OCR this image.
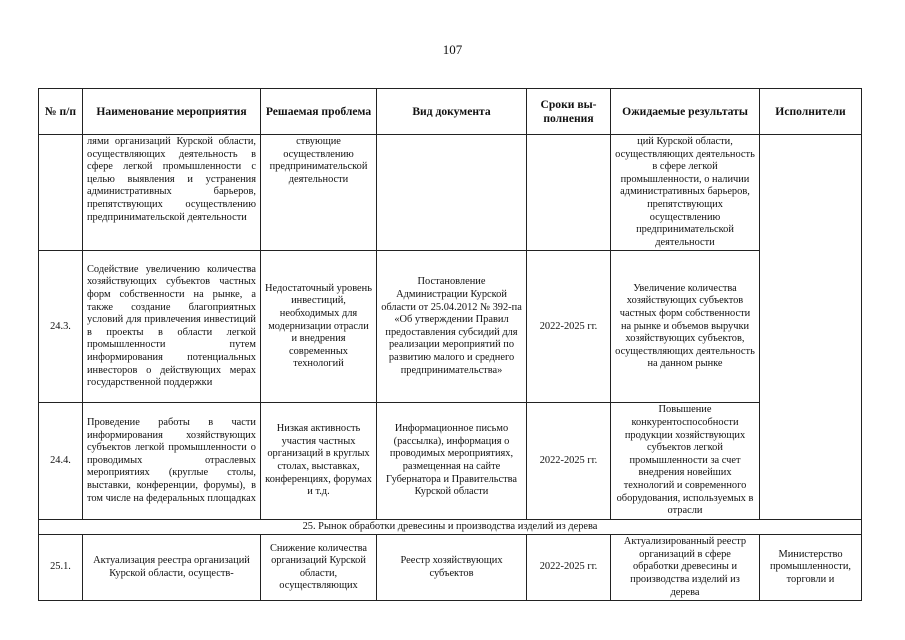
107
№ п/п	Наименование мероприятия	Решаемая проблема	Вид документа	Сроки вы- полнения	Ожидаемые результаты	Исполнители
	лями организаций Курской области, осуществляющих деятельность в сфере легкой промышленности с целью выявления и устранения административных барьеров, препятствующих осуществлению предпринимательской деятельности	ствующие осуществлению предпринимательской деятельности			ций Курской области, осуществляющих деятельность в сфере легкой промышленности, о наличии административных барьеров, препятствующих осуществлению предпринимательской деятельности	
24.3.	Содействие увеличению количества хозяйствующих субъектов частных форм собственности на рынке, а также создание благоприятных условий для привлечения инвестиций в проекты в области легкой промышленности путем информирования потенциальных инвесторов о действующих мерах государственной поддержки	Недостаточный уровень инвестиций, необходимых для модернизации отрасли и внедрения современных технологий	Постановление Администрации Курской области от 25.04.2012 № 392-па «Об утверждении Правил предоставления субсидий для реализации мероприятий по развитию малого и среднего предпринимательства»	2022-2025 гг.	Увеличение количества хозяйствующих субъектов частных форм собственности на рынке и объемов выручки хозяйствующих субъектов, осуществляющих деятельность на данном рынке	
24.4.	Проведение работы в части информирования хозяйствующих субъектов легкой промышленности о проводимых отраслевых мероприятиях (круглые столы, выставки, конференции, форумы), в том числе на федеральных площадках	Низкая активность участия частных организаций в круглых столах, выставках, конференциях, форумах и т.д.	Информационное письмо (рассылка), информация о проводимых мероприятиях, размещенная на сайте Губернатора и Правительства Курской области	2022-2025 гг.	Повышение конкурентоспособности продукции хозяйствующих субъектов легкой промышленности за счет внедрения новейших технологий и современного оборудования, используемых в отрасли	
25. Рынок обработки древесины и производства изделий из дерева						
25.1.	Актуализация реестра организаций Курской области, осуществ-	Снижение количества организаций Курской области, осуществляющих	Реестр хозяйствующих субъектов	2022-2025 гг.	Актуализированный реестр организаций в сфере обработки древесины и производства изделий из дерева	Министерство промышленности, торговли и
